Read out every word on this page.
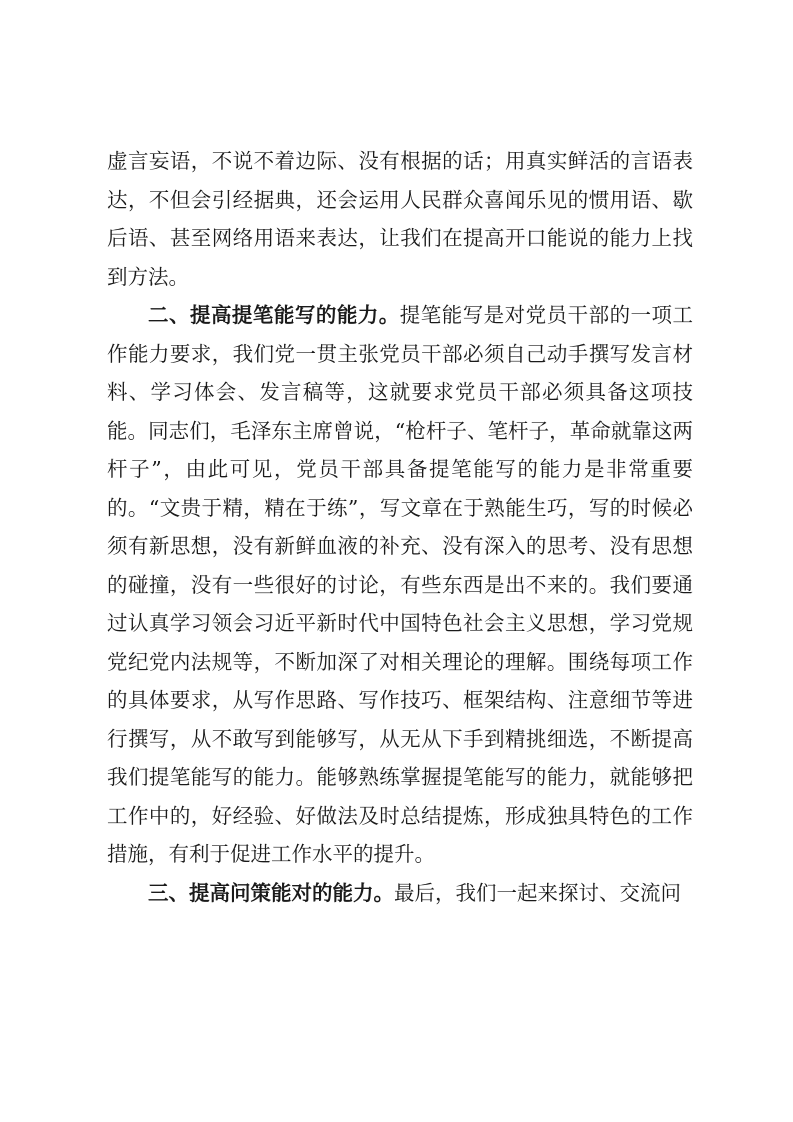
虚言妄语，不说不着边际、没有根据的话；用真实鲜活的言语表达，不但会引经据典，还会运用人民群众喜闻乐见的惯用语、歇后语、甚至网络用语来表达，让我们在提高开口能说的能力上找到方法。

二、提高提笔能写的能力。提笔能写是对党员干部的一项工作能力要求，我们党一贯主张党员干部必须自己动手撰写发言材料、学习体会、发言稿等，这就要求党员干部必须具备这项技能。同志们，毛泽东主席曾说，“枪杆子、笔杆子，革命就靠这两杆子”，由此可见，党员干部具备提笔能写的能力是非常重要的。“文贵于精，精在于练”，写文章在于熟能生巧，写的时候必须有新思想，没有新鲜血液的补充、没有深入的思考、没有思想的碰撞，没有一些很好的讨论，有些东西是出不来的。我们要通过认真学习领会习近平新时代中国特色社会主义思想，学习党规党纪党内法规等，不断加深了对相关理论的理解。围绕每项工作的具体要求，从写作思路、写作技巧、框架结构、注意细节等进行撰写，从不敢写到能够写，从无从下手到精挑细选，不断提高我们提笔能写的能力。能够熟练掌握提笔能写的能力，就能够把工作中的，好经验、好做法及时总结提炼，形成独具特色的工作措施，有利于促进工作水平的提升。

三、提高问策能对的能力。最后，我们一起来探讨、交流问
